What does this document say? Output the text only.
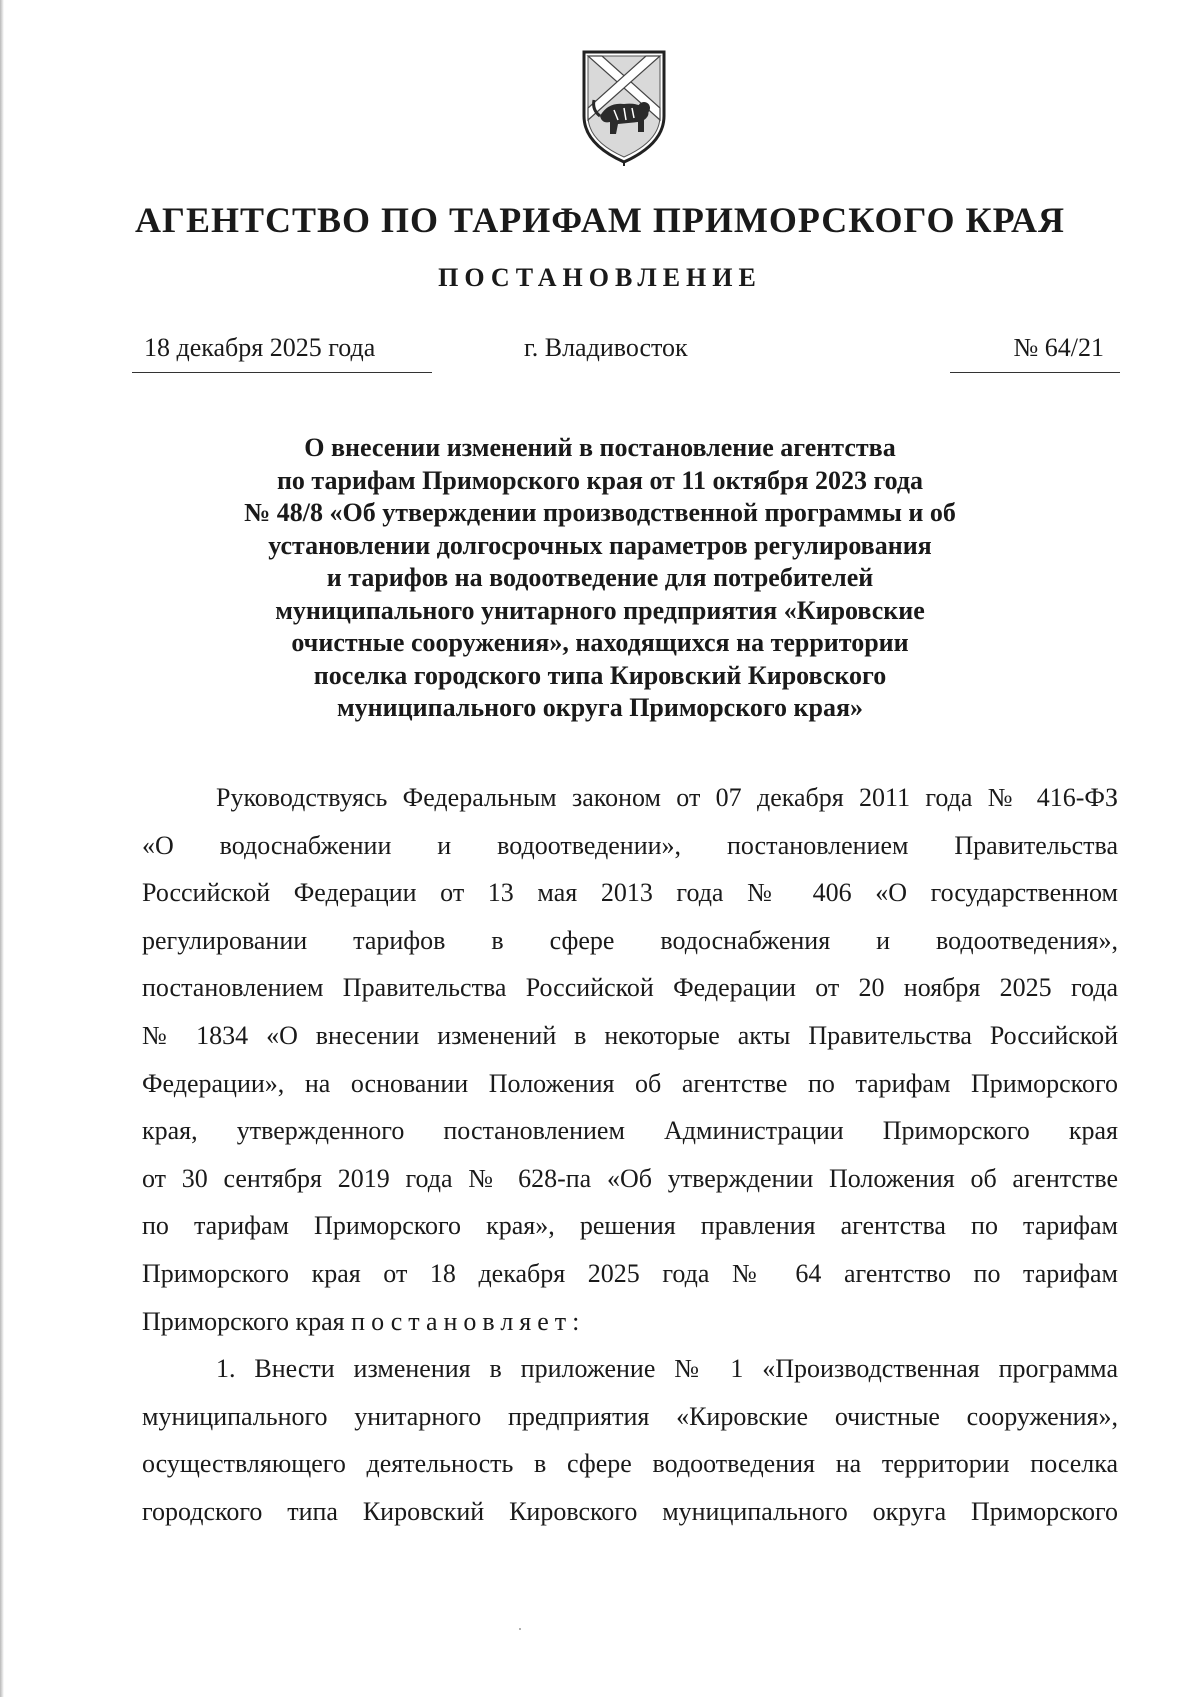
АГЕНТСТВО ПО ТАРИФАМ ПРИМОРСКОГО КРАЯ
ПОСТАНОВЛЕНИЕ
18 декабря 2025 года	г. Владивосток	№ 64/21
О внесении изменений в постановление агентства
по тарифам Приморского края от 11 октября 2023 года
№ 48/8 «Об утверждении производственной программы и об
установлении долгосрочных параметров регулирования
и тарифов на водоотведение для потребителей
муниципального унитарного предприятия «Кировские
очистные сооружения», находящихся на территории
поселка городского типа Кировский Кировского
муниципального округа Приморского края»
Руководствуясь Федеральным законом от 07 декабря 2011 года № 416-ФЗ
«О водоснабжении и водоотведении», постановлением Правительства
Российской Федерации от 13 мая 2013 года № 406 «О государственном
регулировании тарифов в сфере водоснабжения и водоотведения»,
постановлением Правительства Российской Федерации от 20 ноября 2025 года
№ 1834 «О внесении изменений в некоторые акты Правительства Российской
Федерации», на основании Положения об агентстве по тарифам Приморского
края, утвержденного постановлением Администрации Приморского края
от 30 сентября 2019 года № 628-па «Об утверждении Положения об агентстве
по тарифам Приморского края», решения правления агентства по тарифам
Приморского края от 18 декабря 2025 года № 64 агентство по тарифам
Приморского края постановляет:
1. Внести изменения в приложение № 1 «Производственная программа
муниципального унитарного предприятия «Кировские очистные сооружения»,
осуществляющего деятельность в сфере водоотведения на территории поселка
городского типа Кировский Кировского муниципального округа Приморского
